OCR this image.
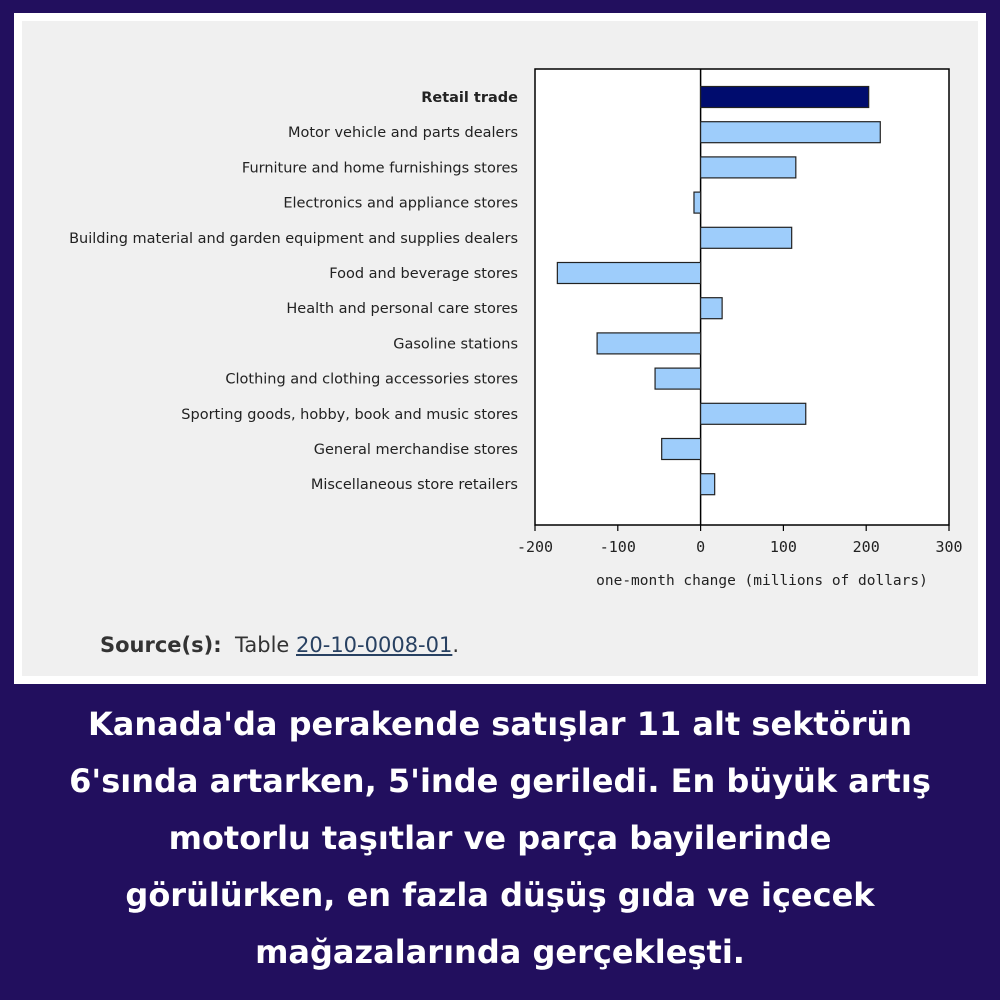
Retail trade
Motor vehicle and parts dealers
Furniture and home furnishings stores
Electronics and appliance stores
Building material and garden equipment and supplies dealers
Food and beverage stores
Health and personal care stores
Gasoline stations
Clothing and clothing accessories stores
Sporting goods, hobby, book and music stores
General merchandise stores
Miscellaneous store retailers
-200	-100	0	100	200	300
one-month change (millions of dollars)
Source(s): Table 20-10-0008-01.
Kanada'da perakende satışlar 11 alt sektörün
6'sında artarken, 5'inde geriledi. En büyük artış
motorlu taşıtlar ve parça bayilerinde
görülürken, en fazla düşüş gıda ve içecek
mağazalarında gerçekleşti.
